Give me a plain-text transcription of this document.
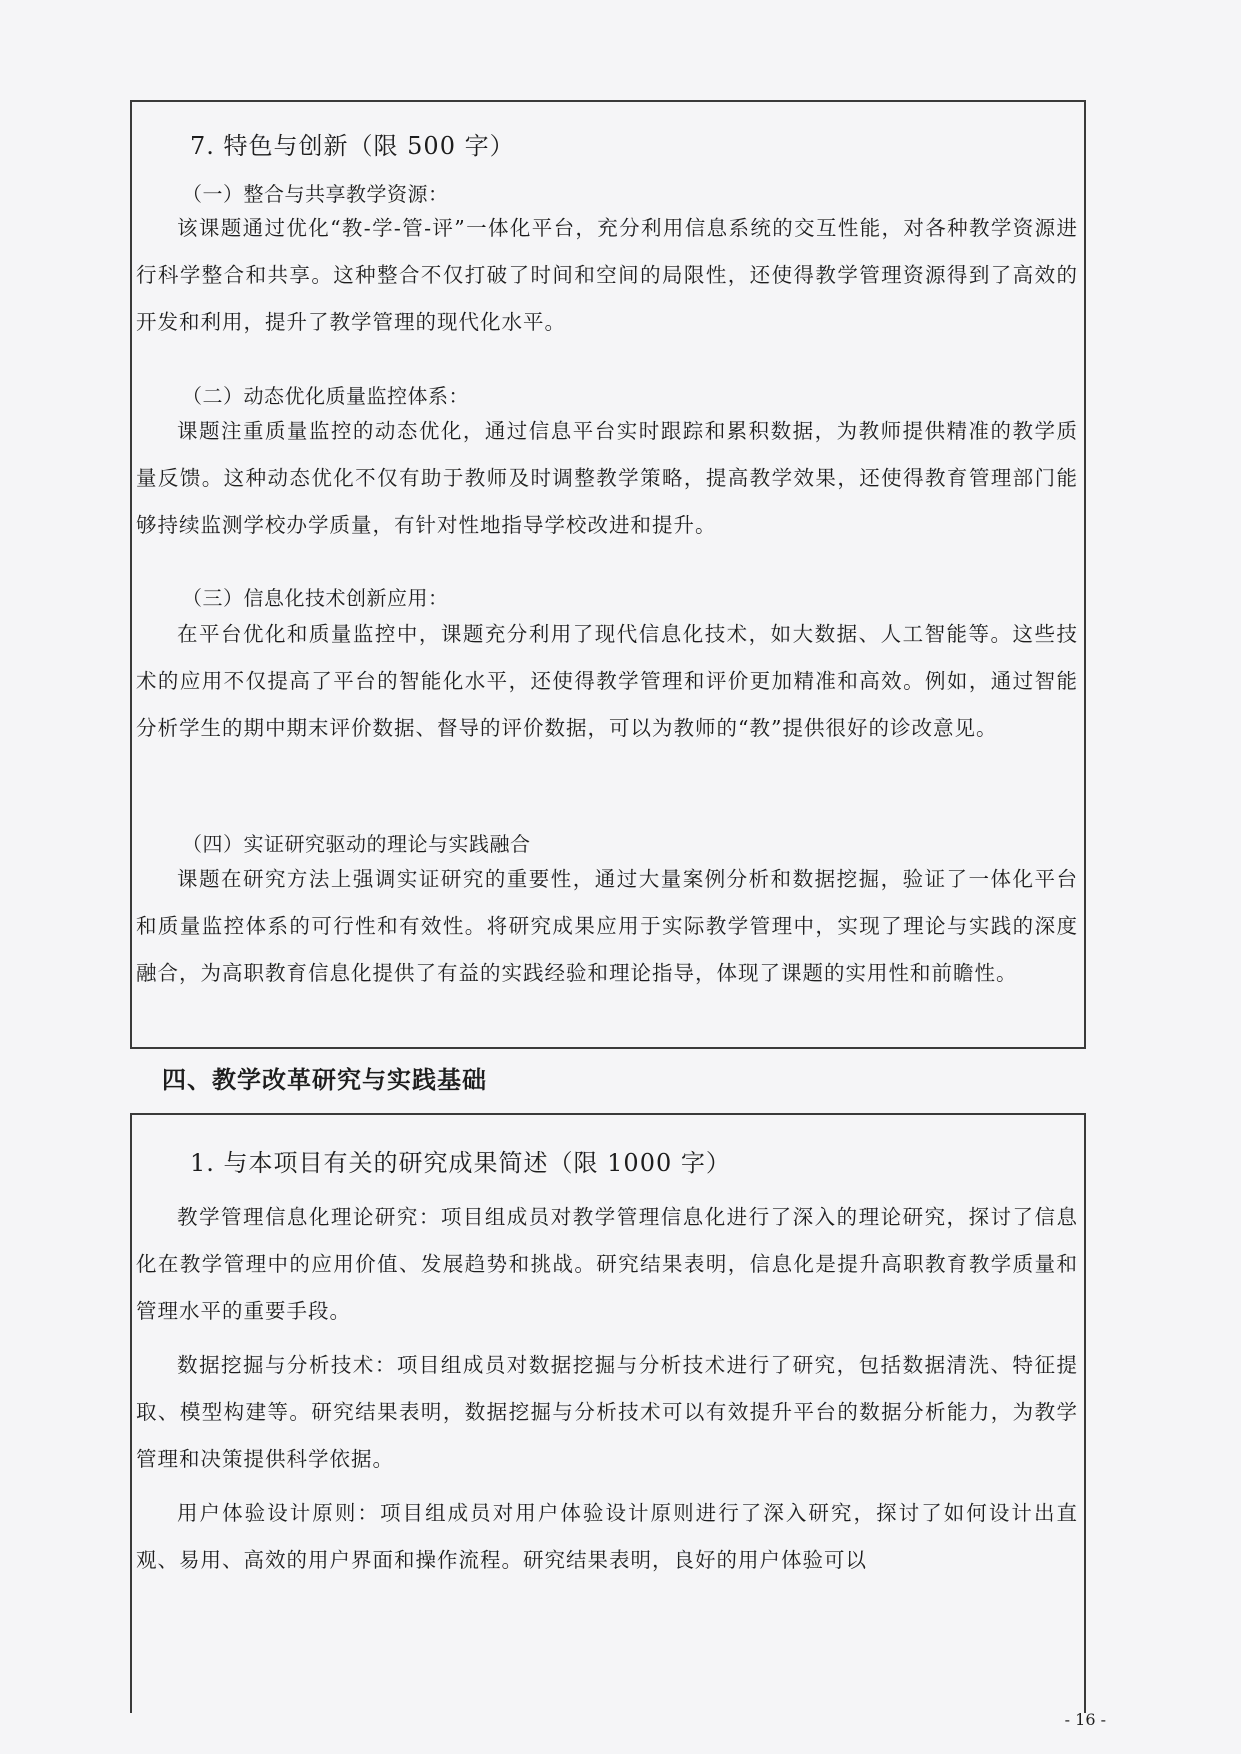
7. 特色与创新（限 500 字）
（一）整合与共享教学资源：
该课题通过优化“教-学-管-评”一体化平台，充分利用信息系统的交互性能，对各种教学资源进行科学整合和共享。这种整合不仅打破了时间和空间的局限性，还使得教学管理资源得到了高效的开发和利用，提升了教学管理的现代化水平。
（二）动态优化质量监控体系：
课题注重质量监控的动态优化，通过信息平台实时跟踪和累积数据，为教师提供精准的教学质量反馈。这种动态优化不仅有助于教师及时调整教学策略，提高教学效果，还使得教育管理部门能够持续监测学校办学质量，有针对性地指导学校改进和提升。
（三）信息化技术创新应用：
在平台优化和质量监控中，课题充分利用了现代信息化技术，如大数据、人工智能等。这些技术的应用不仅提高了平台的智能化水平，还使得教学管理和评价更加精准和高效。例如，通过智能分析学生的期中期末评价数据、督导的评价数据，可以为教师的“教”提供很好的诊改意见。
（四）实证研究驱动的理论与实践融合
课题在研究方法上强调实证研究的重要性，通过大量案例分析和数据挖掘，验证了一体化平台和质量监控体系的可行性和有效性。将研究成果应用于实际教学管理中，实现了理论与实践的深度融合，为高职教育信息化提供了有益的实践经验和理论指导，体现了课题的实用性和前瞻性。
四、教学改革研究与实践基础
1. 与本项目有关的研究成果简述（限 1000 字）
教学管理信息化理论研究：项目组成员对教学管理信息化进行了深入的理论研究，探讨了信息化在教学管理中的应用价值、发展趋势和挑战。研究结果表明，信息化是提升高职教育教学质量和管理水平的重要手段。
数据挖掘与分析技术：项目组成员对数据挖掘与分析技术进行了研究，包括数据清洗、特征提取、模型构建等。研究结果表明，数据挖掘与分析技术可以有效提升平台的数据分析能力，为教学管理和决策提供科学依据。
用户体验设计原则：项目组成员对用户体验设计原则进行了深入研究，探讨了如何设计出直观、易用、高效的用户界面和操作流程。研究结果表明，良好的用户体验可以
- 16 -
